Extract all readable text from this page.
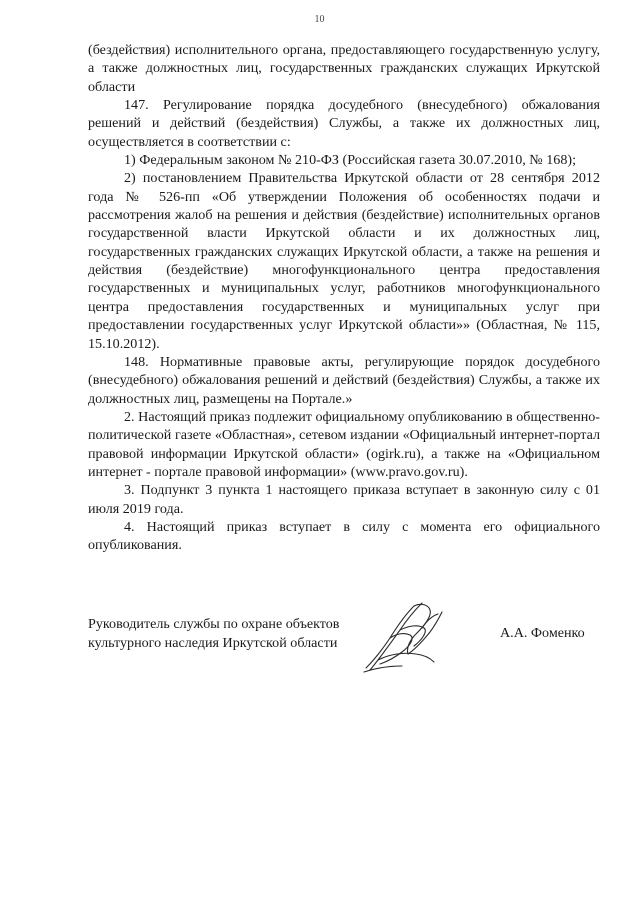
10

(бездействия) исполнительного органа, предоставляющего государственную услугу, а также должностных лиц, государственных гражданских служащих Иркутской области

147. Регулирование порядка досудебного (внесудебного) обжалования решений и действий (бездействия) Службы, а также их должностных лиц, осуществляется в соответствии с:

1) Федеральным законом № 210-ФЗ (Российская газета 30.07.2010, № 168);

2) постановлением Правительства Иркутской области от 28 сентября 2012 года № 526-пп «Об утверждении Положения об особенностях подачи и рассмотрения жалоб на решения и действия (бездействие) исполнительных органов государственной власти Иркутской области и их должностных лиц, государственных гражданских служащих Иркутской области, а также на решения и действия (бездействие) многофункционального центра предоставления государственных и муниципальных услуг, работников многофункционального центра предоставления государственных и муниципальных услуг при предоставлении государственных услуг Иркутской области»» (Областная, № 115, 15.10.2012).

148. Нормативные правовые акты, регулирующие порядок досудебного (внесудебного) обжалования решений и действий (бездействия) Службы, а также их должностных лиц, размещены на Портале.»

2. Настоящий приказ подлежит официальному опубликованию в общественно-политической газете «Областная», сетевом издании «Официальный интернет-портал правовой информации Иркутской области» (ogirk.ru), а также на «Официальном интернет - портале правовой информации» (www.pravo.gov.ru).

3. Подпункт 3 пункта 1 настоящего приказа вступает в законную силу с 01 июля 2019 года.

4. Настоящий приказ вступает в силу с момента его официального опубликования.

Руководитель службы по охране объектов
культурного наследия Иркутской области
А.А. Фоменко
